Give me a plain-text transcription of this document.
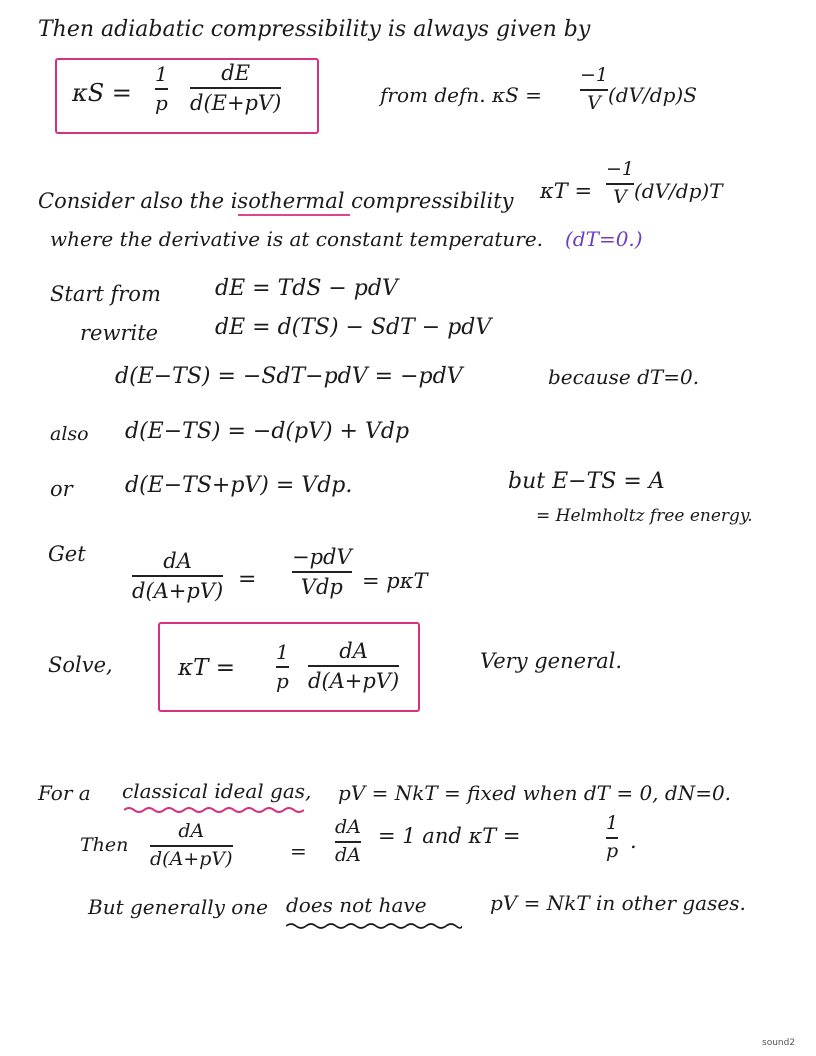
Then adiabatic compressibility is always given by
κS =
1
p
dE
d(E+pV)	from defn. κS =
−1
V (dV/dp)S
Consider also the isothermal compressibility κT =
−1
V (dV/dp)T
where the derivative is at constant temperature. (dT=0.)
Start from dE = TdS − pdV
rewrite	dE = d(TS) − SdT − pdV
d(E−TS) = −SdT−pdV = −pdV	because dT=0.
also d(E−TS) = −d(pV) + Vdp
or d(E−TS+pV) = Vdp.	but E−TS = A
= Helmholtz free energy.
Get	dA
d(A+pV) =
−pdV
Vdp = pκT
Solve,	κT =
1
p
dA
d(A+pV)
Very general.
For a classical ideal gas, pV = NkT = fixed when dT = 0, dN=0.
Then
dA
d(A+pV)	=
dA
dA
= 1 and κT =
1
p .
But generally one does not have	pV = NkT in other gases.
sound2
